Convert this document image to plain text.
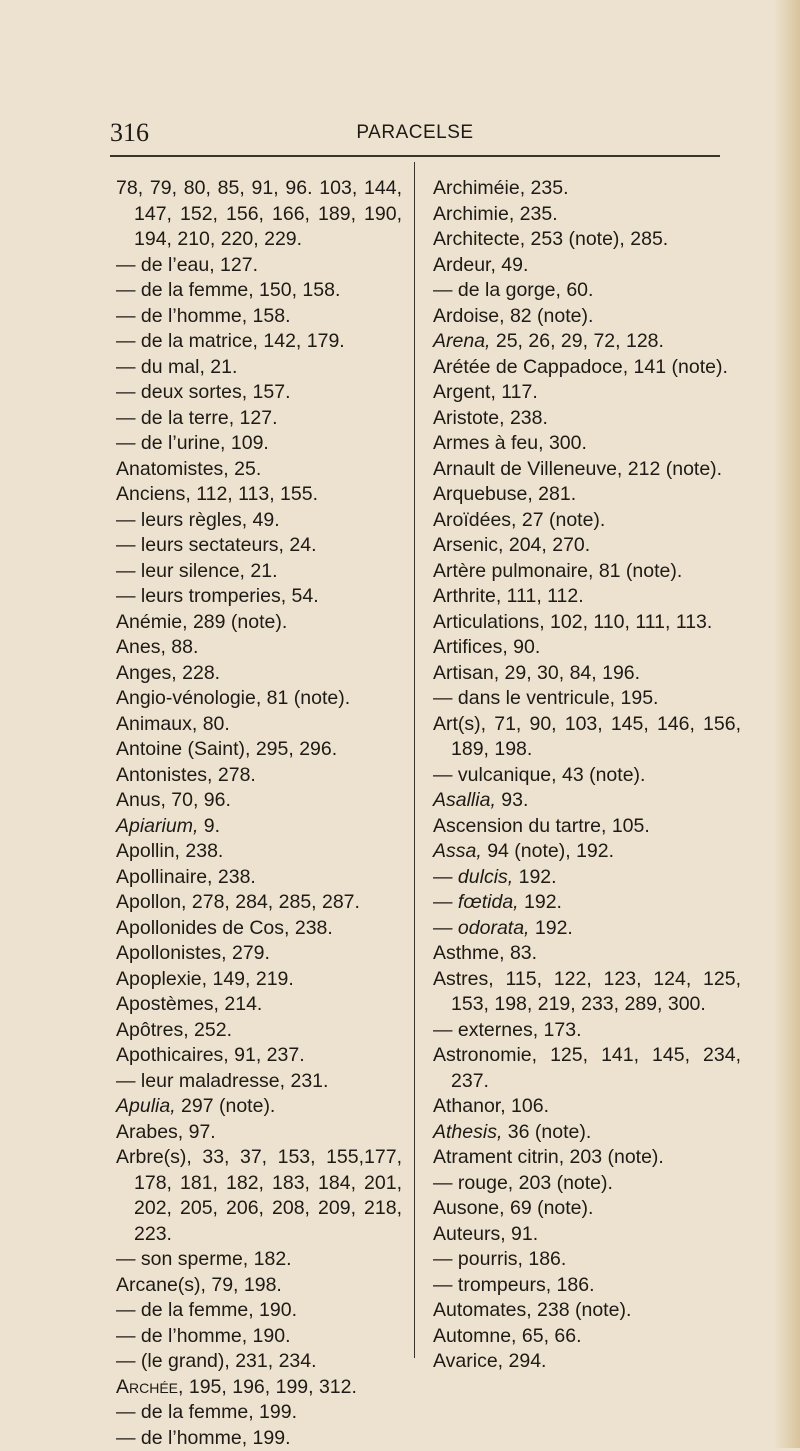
316	PARACELSE
78, 79, 80, 85, 91, 96. 103, 144, 147, 152, 156, 166, 189, 190, 194, 210, 220, 229.
— de l’eau, 127.
— de la femme, 150, 158.
— de l’homme, 158.
— de la matrice, 142, 179.
— du mal, 21.
— deux sortes, 157.
— de la terre, 127.
— de l’urine, 109.
Anatomistes, 25.
Anciens, 112, 113, 155.
— leurs règles, 49.
— leurs sectateurs, 24.
— leur silence, 21.
— leurs tromperies, 54.
Anémie, 289 (note).
Anes, 88.
Anges, 228.
Angio-vénologie, 81 (note).
Animaux, 80.
Antoine (Saint), 295, 296.
Antonistes, 278.
Anus, 70, 96.
Apiarium, 9.
Apollin, 238.
Apollinaire, 238.
Apollon, 278, 284, 285, 287.
Apollonides de Cos, 238.
Apollonistes, 279.
Apoplexie, 149, 219.
Apostèmes, 214.
Apôtres, 252.
Apothicaires, 91, 237.
— leur maladresse, 231.
Apulia, 297 (note).
Arabes, 97.
Arbre(s), 33, 37, 153, 155,177, 178, 181, 182, 183, 184, 201, 202, 205, 206, 208, 209, 218, 223.
— son sperme, 182.
Arcane(s), 79, 198.
— de la femme, 190.
— de l’homme, 190.
— (le grand), 231, 234.
Archée, 195, 196, 199, 312.
— de la femme, 199.
— de l’homme, 199.
Archiméie, 235.
Archimie, 235.
Architecte, 253 (note), 285.
Ardeur, 49.
— de la gorge, 60.
Ardoise, 82 (note).
Arena, 25, 26, 29, 72, 128.
Arétée de Cappadoce, 141 (note).
Argent, 117.
Aristote, 238.
Armes à feu, 300.
Arnault de Villeneuve, 212 (note).
Arquebuse, 281.
Aroïdées, 27 (note).
Arsenic, 204, 270.
Artère pulmonaire, 81 (note).
Arthrite, 111, 112.
Articulations, 102, 110, 111, 113.
Artifices, 90.
Artisan, 29, 30, 84, 196.
— dans le ventricule, 195.
Art(s), 71, 90, 103, 145, 146, 156, 189, 198.
— vulcanique, 43 (note).
Asallia, 93.
Ascension du tartre, 105.
Assa, 94 (note), 192.
— dulcis, 192.
— fœtida, 192.
— odorata, 192.
Asthme, 83.
Astres, 115, 122, 123, 124, 125, 153, 198, 219, 233, 289, 300.
— externes, 173.
Astronomie, 125, 141, 145, 234, 237.
Athanor, 106.
Athesis, 36 (note).
Atrament citrin, 203 (note).
— rouge, 203 (note).
Ausone, 69 (note).
Auteurs, 91.
— pourris, 186.
— trompeurs, 186.
Automates, 238 (note).
Automne, 65, 66.
Avarice, 294.
